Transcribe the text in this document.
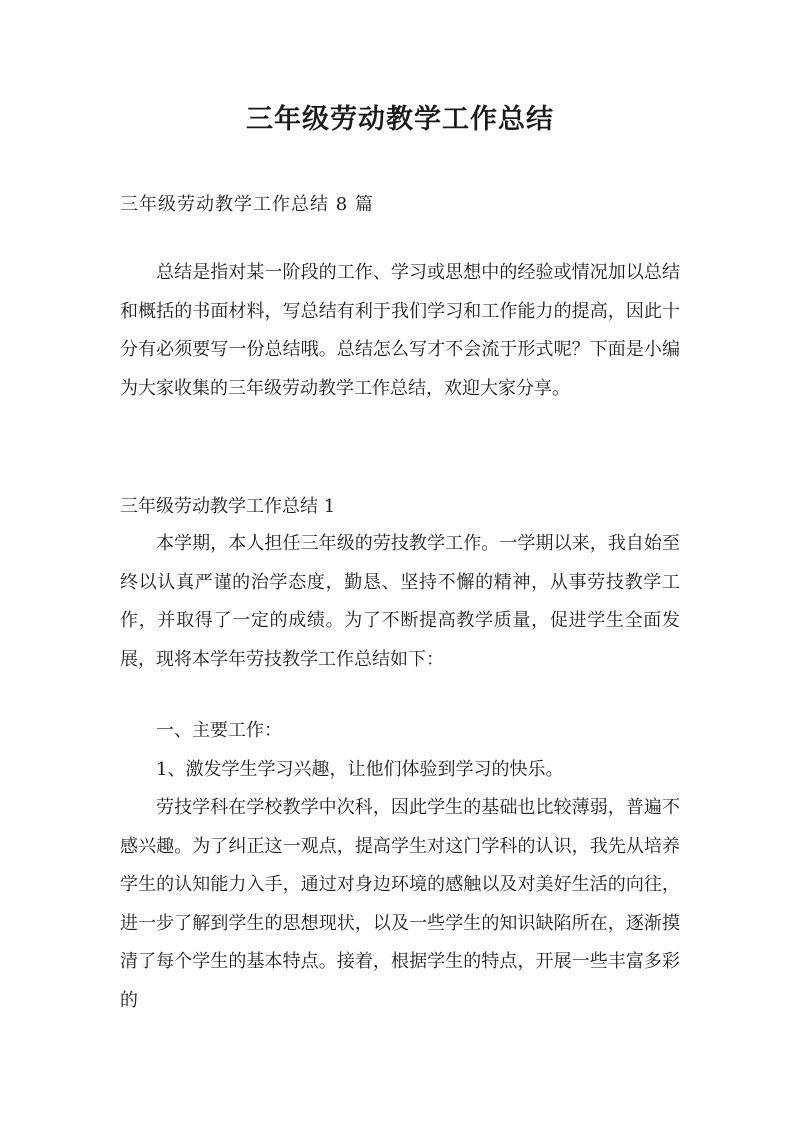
三年级劳动教学工作总结

三年级劳动教学工作总结 8 篇

总结是指对某一阶段的工作、学习或思想中的经验或情况加以总结和概括的书面材料，写总结有利于我们学习和工作能力的提高，因此十分有必须要写一份总结哦。总结怎么写才不会流于形式呢？下面是小编为大家收集的三年级劳动教学工作总结，欢迎大家分享。

三年级劳动教学工作总结 1

本学期，本人担任三年级的劳技教学工作。一学期以来，我自始至终以认真严谨的治学态度，勤恳、坚持不懈的精神，从事劳技教学工作，并取得了一定的成绩。为了不断提高教学质量，促进学生全面发展，现将本学年劳技教学工作总结如下：

一、主要工作：

1、激发学生学习兴趣，让他们体验到学习的快乐。

劳技学科在学校教学中次科，因此学生的基础也比较薄弱，普遍不感兴趣。为了纠正这一观点，提高学生对这门学科的认识，我先从培养学生的认知能力入手，通过对身边环境的感触以及对美好生活的向往，进一步了解到学生的思想现状，以及一些学生的知识缺陷所在，逐渐摸清了每个学生的基本特点。接着，根据学生的特点，开展一些丰富多彩的
